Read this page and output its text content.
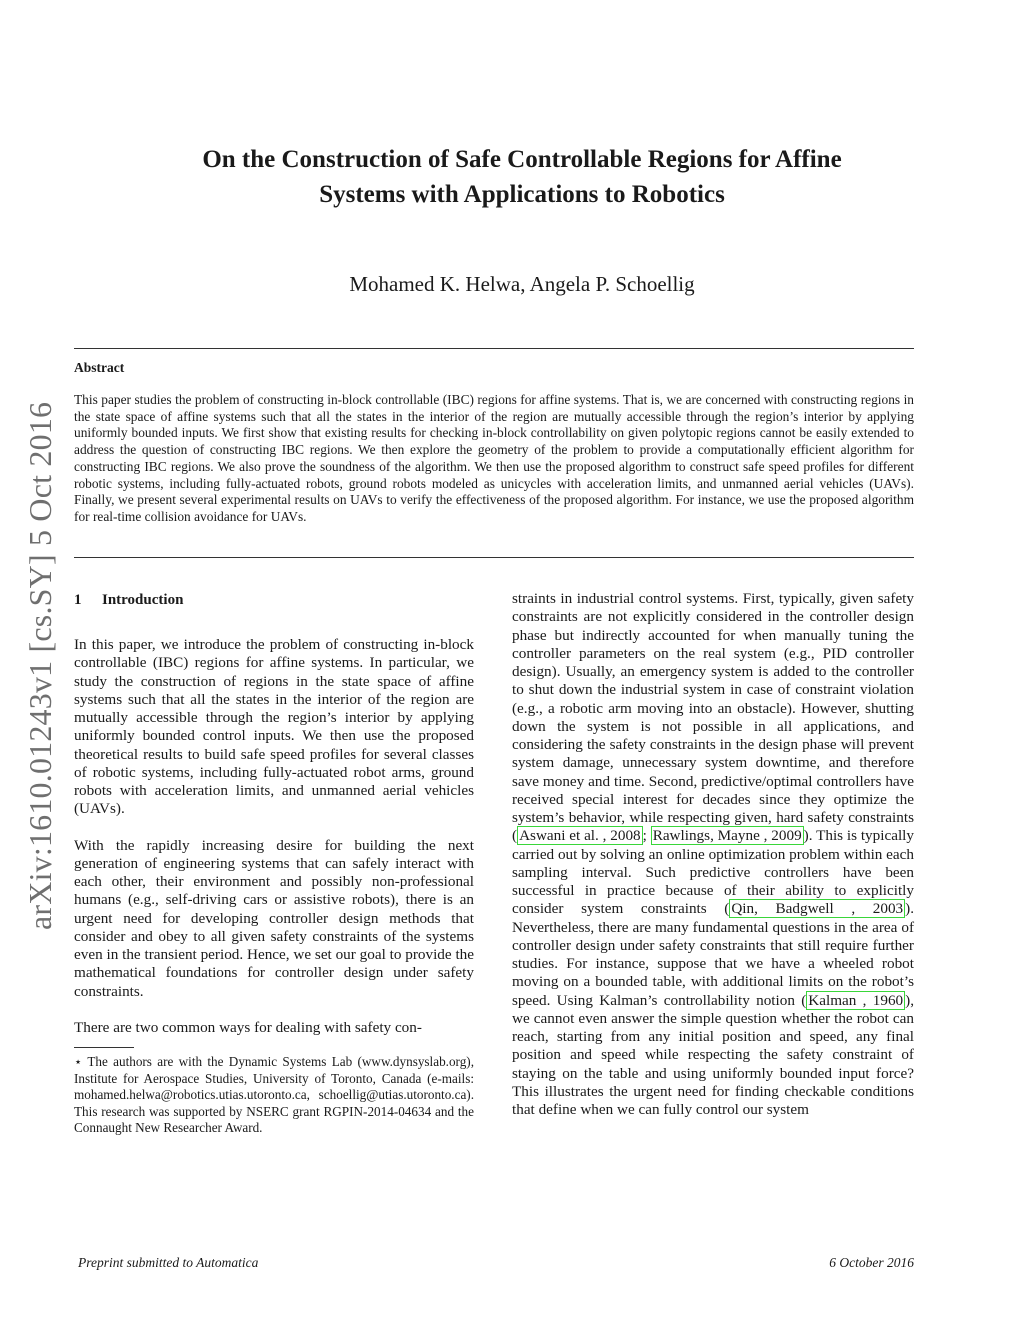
On the Construction of Safe Controllable Regions for Affine
Systems with Applications to Robotics
Mohamed K. Helwa, Angela P. Schoellig
arXiv:1610.01243v1 [cs.SY] 5 Oct 2016
Abstract
This paper studies the problem of constructing in-block controllable (IBC) regions for affine systems. That is, we are concerned with constructing regions in the state space of affine systems such that all the states in the interior of the region are mutually accessible through the region’s interior by applying uniformly bounded inputs. We first show that existing results for checking in-block controllability on given polytopic regions cannot be easily extended to address the question of constructing IBC regions. We then explore the geometry of the problem to provide a computationally efficient algorithm for constructing IBC regions. We also prove the soundness of the algorithm. We then use the proposed algorithm to construct safe speed profiles for different robotic systems, including fully-actuated robots, ground robots modeled as unicycles with acceleration limits, and unmanned aerial vehicles (UAVs). Finally, we present several experimental results on UAVs to verify the effectiveness of the proposed algorithm. For instance, we use the proposed algorithm for real-time collision avoidance for UAVs.
1 Introduction

In this paper, we introduce the problem of constructing in-block controllable (IBC) regions for affine systems. In particular, we study the construction of regions in the state space of affine systems such that all the states in the interior of the region are mutually accessible through the region’s interior by applying uniformly bounded control inputs. We then use the proposed theoretical results to build safe speed profiles for several classes of robotic systems, including fully-actuated robot arms, ground robots with acceleration limits, and unmanned aerial vehicles (UAVs).

With the rapidly increasing desire for building the next generation of engineering systems that can safely interact with each other, their environment and possibly non-professional humans (e.g., self-driving cars or assistive robots), there is an urgent need for developing controller design methods that consider and obey to all given safety constraints of the systems even in the transient period. Hence, we set our goal to provide the mathematical foundations for controller design under safety constraints.

There are two common ways for dealing with safety con-

⋆ The authors are with the Dynamic Systems Lab (www.dynsyslab.org), Institute for Aerospace Studies, University of Toronto, Canada (e-mails: mohamed.helwa@robotics.utias.utoronto.ca, schoellig@utias.utoronto.ca). This research was supported by NSERC grant RGPIN-2014-04634 and the Connaught New Researcher Award.

straints in industrial control systems. First, typically, given safety constraints are not explicitly considered in the controller design phase but indirectly accounted for when manually tuning the controller parameters on the real system (e.g., PID controller design). Usually, an emergency system is added to the controller to shut down the industrial system in case of constraint violation (e.g., a robotic arm moving into an obstacle). However, shutting down the system is not possible in all applications, and considering the safety constraints in the design phase will prevent system damage, unnecessary system downtime, and therefore save money and time. Second, predictive/optimal controllers have received special interest for decades since they optimize the system’s behavior, while respecting given, hard safety constraints ( Aswani et al. , 2008 ; Rawlings, Mayne , 2009 ). This is typically carried out by solving an online optimization problem within each sampling interval. Such predictive controllers have been successful in practice because of their ability to explicitly consider system constraints ( Qin, Badgwell , 2003 ). Nevertheless, there are many fundamental questions in the area of controller design under safety constraints that still require further studies. For instance, suppose that we have a wheeled robot moving on a bounded table, with additional limits on the robot’s speed. Using Kalman’s controllability notion ( Kalman , 1960 ), we cannot even answer the simple question whether the robot can reach, starting from any initial position and speed, any final position and speed while respecting the safety constraint of staying on the table and using uniformly bounded input force? This illustrates the urgent need for finding checkable conditions that define when we can fully control our system

Preprint submitted to Automatica	6 October 2016
